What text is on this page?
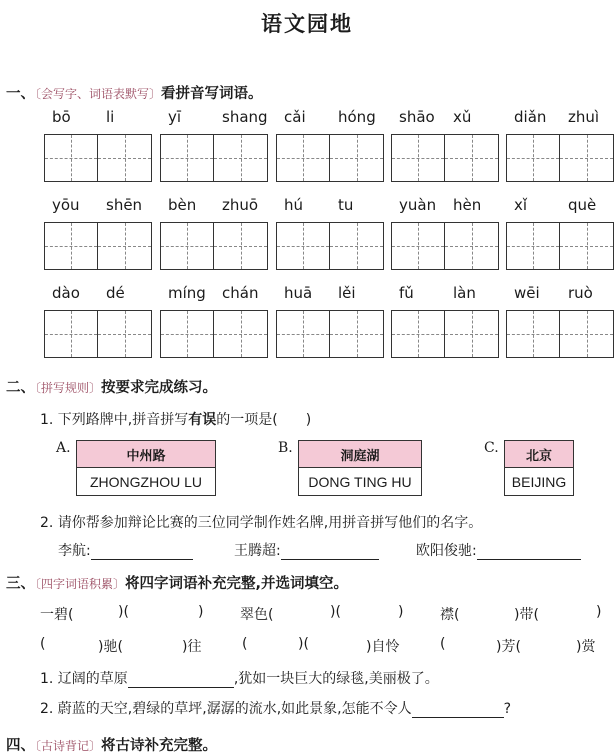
语文园地
一、〔会写字、词语表默写〕看拼音写词语。
bō li	yī	shang cǎi hóng shāo xǔ	diǎn zhuì
yōu shēn bèn zhuō hú tu	yuàn hèn xǐ	què
dào dé	míng chán huā lěi	fǔ	làn	wēi ruò
二、〔拼写规则〕按要求完成练习。
1. 下列路牌中,拼音拼写有误的一项是(　　)
A.	中州路
ZHONGZHOU LU
B.	洞庭湖
DONG TING HU
C.	北京
BEIJING
2. 请你帮参加辩论比赛的三位同学制作姓名牌,用拼音拼写他们的名字。
李航:	王腾超:	欧阳俊驰:
三、〔四字词语积累〕将四字词语补充完整,并选词填空。
一碧(	)(	)	翠色(	)(	)	襟(	)带(	)
(	)驰(	)往	(	)(	)自怜	(	)芳(	)赏
1. 辽阔的草原	,犹如一块巨大的绿毯,美丽极了。
2. 蔚蓝的天空,碧绿的草坪,潺潺的流水,如此景象,怎能不令人	?
四、〔古诗背记〕将古诗补充完整。
